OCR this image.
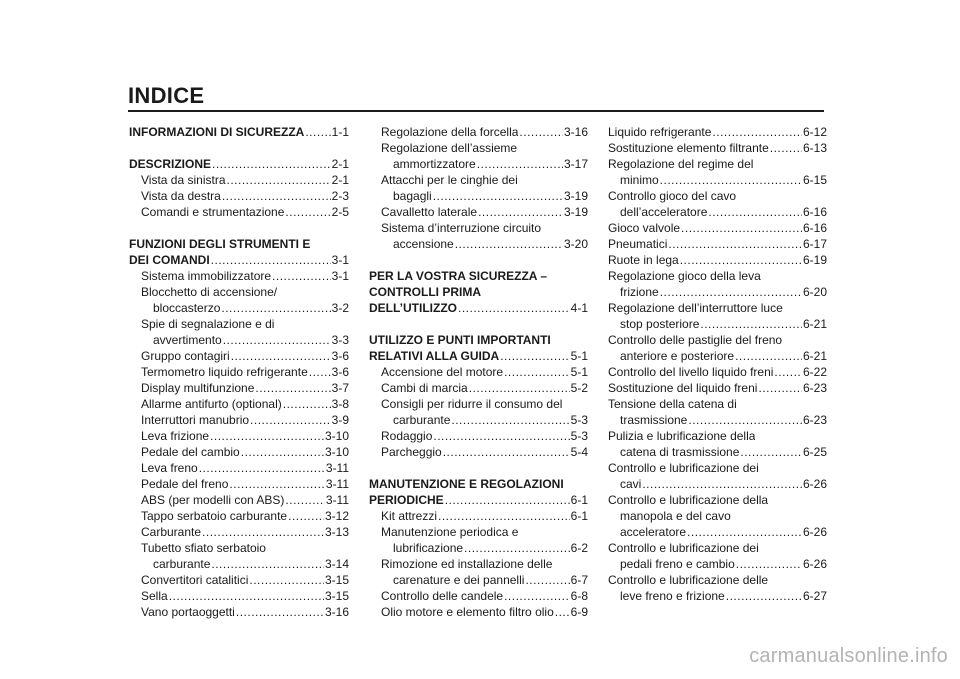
INDICE
INFORMAZIONI DI SICUREZZA ..... 1-1
DESCRIZIONE .....	2-1
Vista da sinistra .....	2-1
Vista da destra .....	2-3
Comandi e strumentazione .....	2-5
FUNZIONI DEGLI STRUMENTI E
DEI COMANDI .....	3-1
Sistema immobilizzatore .....	3-1
Blocchetto di accensione/
bloccasterzo .....	3-2
Spie di segnalazione e di
avvertimento .....	3-3
Gruppo contagiri .....	3-6
Termometro liquido refrigerante ..... 3-6
Display multifunzione .....	3-7
Allarme antifurto (optional) .....	3-8
Interruttori manubrio .....	3-9
Leva frizione .....	3-10
Pedale del cambio .....	3-10
Leva freno .....	3-11
Pedale del freno .....	3-11
ABS (per modelli con ABS) .....	3-11
Tappo serbatoio carburante .....	3-12
Carburante .....	3-13
Tubetto sfiato serbatoio
carburante .....	3-14
Convertitori catalitici .....	3-15
Sella .....	3-15
Vano portaoggetti .....	3-16
Regolazione della forcella .....	3-16
Regolazione dell’assieme
ammortizzatore .....	3-17
Attacchi per le cinghie dei
bagagli .....	3-19
Cavalletto laterale .....	3-19
Sistema d’interruzione circuito
accensione .....	3-20
PER LA VOSTRA SICUREZZA –
CONTROLLI PRIMA
DELL’UTILIZZO .....	4-1
UTILIZZO E PUNTI IMPORTANTI
RELATIVI ALLA GUIDA .....	5-1
Accensione del motore .....	5-1
Cambi di marcia .....	5-2
Consigli per ridurre il consumo del
carburante .....	5-3
Rodaggio .....	5-3
Parcheggio .....	5-4
MANUTENZIONE E REGOLAZIONI
PERIODICHE .....	6-1
Kit attrezzi .....	6-1
Manutenzione periodica e
lubrificazione .....	6-2
Rimozione ed installazione delle
carenature e dei pannelli .....	6-7
Controllo delle candele .....	6-8
Olio motore e elemento filtro olio ..... 6-9
Liquido refrigerante .....	6-12
Sostituzione elemento filtrante .....	6-13
Regolazione del regime del
minimo .....	6-15
Controllo gioco del cavo
dell’acceleratore .....	6-16
Gioco valvole .....	6-16
Pneumatici .....	6-17
Ruote in lega .....	6-19
Regolazione gioco della leva
frizione .....	6-20
Regolazione dell’interruttore luce
stop posteriore .....	6-21
Controllo delle pastiglie del freno
anteriore e posteriore .....	6-21
Controllo del livello liquido freni ..... 6-22
Sostituzione del liquido freni .....	6-23
Tensione della catena di
trasmissione .....	6-23
Pulizia e lubrificazione della
catena di trasmissione .....	6-25
Controllo e lubrificazione dei
cavi .....	6-26
Controllo e lubrificazione della
manopola e del cavo
acceleratore .....	6-26
Controllo e lubrificazione dei
pedali freno e cambio .....	6-26
Controllo e lubrificazione delle
leve freno e frizione .....	6-27
carmanualsonline.info
